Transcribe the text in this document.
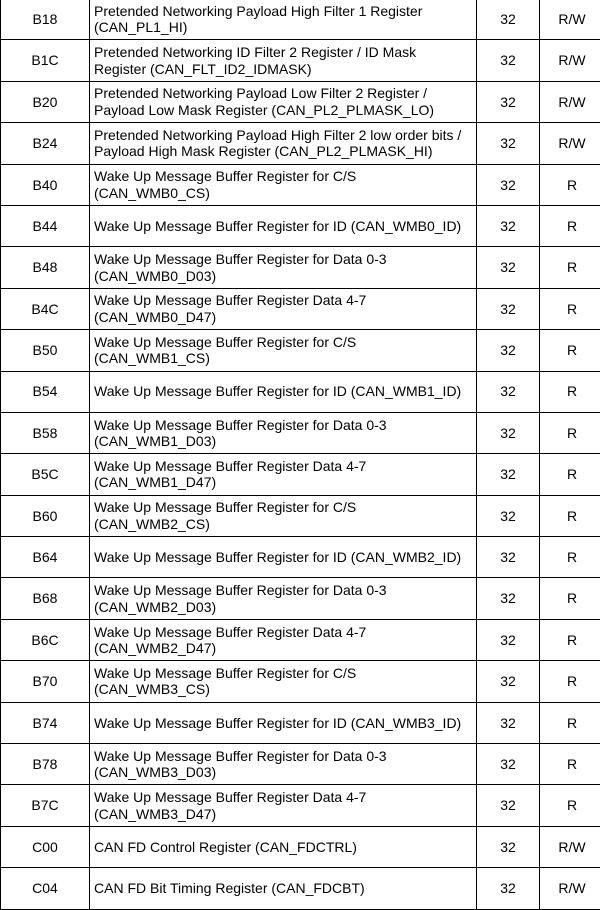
B18	Pretended Networking Payload High Filter 1 Register
(CAN_PL1_HI)	32	R/W
B1C	Pretended Networking ID Filter 2 Register / ID Mask
Register (CAN_FLT_ID2_IDMASK)	32	R/W
B20	Pretended Networking Payload Low Filter 2 Register /
Payload Low Mask Register (CAN_PL2_PLMASK_LO)	32	R/W
B24	Pretended Networking Payload High Filter 2 low order bits /
Payload High Mask Register (CAN_PL2_PLMASK_HI)	32	R/W
B40	Wake Up Message Buffer Register for C/S
(CAN_WMB0_CS)	32	R
B44	Wake Up Message Buffer Register for ID (CAN_WMB0_ID)	32	R
B48	Wake Up Message Buffer Register for Data 0-3
(CAN_WMB0_D03)	32	R
B4C	Wake Up Message Buffer Register Data 4-7
(CAN_WMB0_D47)	32	R
B50	Wake Up Message Buffer Register for C/S
(CAN_WMB1_CS)	32	R
B54	Wake Up Message Buffer Register for ID (CAN_WMB1_ID)	32	R
B58	Wake Up Message Buffer Register for Data 0-3
(CAN_WMB1_D03)	32	R
B5C	Wake Up Message Buffer Register Data 4-7
(CAN_WMB1_D47)	32	R
B60	Wake Up Message Buffer Register for C/S
(CAN_WMB2_CS)	32	R
B64	Wake Up Message Buffer Register for ID (CAN_WMB2_ID)	32	R
B68	Wake Up Message Buffer Register for Data 0-3
(CAN_WMB2_D03)	32	R
B6C	Wake Up Message Buffer Register Data 4-7
(CAN_WMB2_D47)	32	R
B70	Wake Up Message Buffer Register for C/S
(CAN_WMB3_CS)	32	R
B74	Wake Up Message Buffer Register for ID (CAN_WMB3_ID)	32	R
B78	Wake Up Message Buffer Register for Data 0-3
(CAN_WMB3_D03)	32	R
B7C	Wake Up Message Buffer Register Data 4-7
(CAN_WMB3_D47)	32	R
C00	CAN FD Control Register (CAN_FDCTRL)	32	R/W
C04	CAN FD Bit Timing Register (CAN_FDCBT)	32	R/W
